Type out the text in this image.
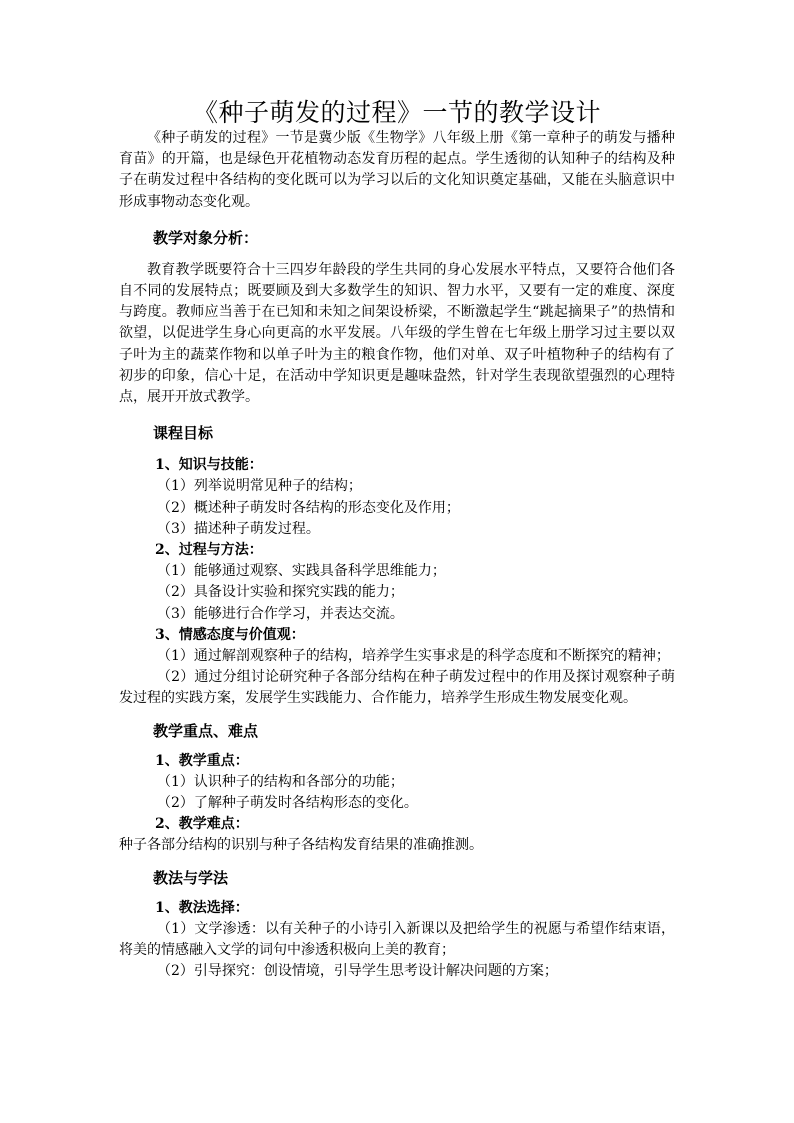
《种子萌发的过程》一节的教学设计

《种子萌发的过程》一节是冀少版《生物学》八年级上册《第一章种子的萌发与播种育苗》的开篇，也是绿色开花植物动态发育历程的起点。学生透彻的认知种子的结构及种子在萌发过程中各结构的变化既可以为学习以后的文化知识奠定基础，又能在头脑意识中形成事物动态变化观。

教学对象分析：

教育教学既要符合十三四岁年龄段的学生共同的身心发展水平特点，又要符合他们各自不同的发展特点；既要顾及到大多数学生的知识、智力水平，又要有一定的难度、深度与跨度。教师应当善于在已知和未知之间架设桥梁，不断激起学生“跳起摘果子”的热情和欲望，以促进学生身心向更高的水平发展。八年级的学生曾在七年级上册学习过主要以双子叶为主的蔬菜作物和以单子叶为主的粮食作物，他们对单、双子叶植物种子的结构有了初步的印象，信心十足，在活动中学知识更是趣味盎然，针对学生表现欲望强烈的心理特点，展开开放式教学。

课程目标
1、知识与技能：

（1）列举说明常见种子的结构；

（2）概述种子萌发时各结构的形态变化及作用；

（3）描述种子萌发过程。

2、过程与方法：

（1）能够通过观察、实践具备科学思维能力；

（2）具备设计实验和探究实践的能力；

（3）能够进行合作学习，并表达交流。

3、情感态度与价值观：

（1）通过解剖观察种子的结构，培养学生实事求是的科学态度和不断探究的精神；

（2）通过分组讨论研究种子各部分结构在种子萌发过程中的作用及探讨观察种子萌发过程的实践方案，发展学生实践能力、合作能力，培养学生形成生物发展变化观。

教学重点、难点
1、教学重点：

（1）认识种子的结构和各部分的功能；

（2）了解种子萌发时各结构形态的变化。

2、教学难点：

种子各部分结构的识别与种子各结构发育结果的准确推测。

教法与学法
1、教法选择：

（1）文学渗透：以有关种子的小诗引入新课以及把给学生的祝愿与希望作结束语，将美的情感融入文学的词句中渗透积极向上美的教育；

（2）引导探究：创设情境，引导学生思考设计解决问题的方案；
